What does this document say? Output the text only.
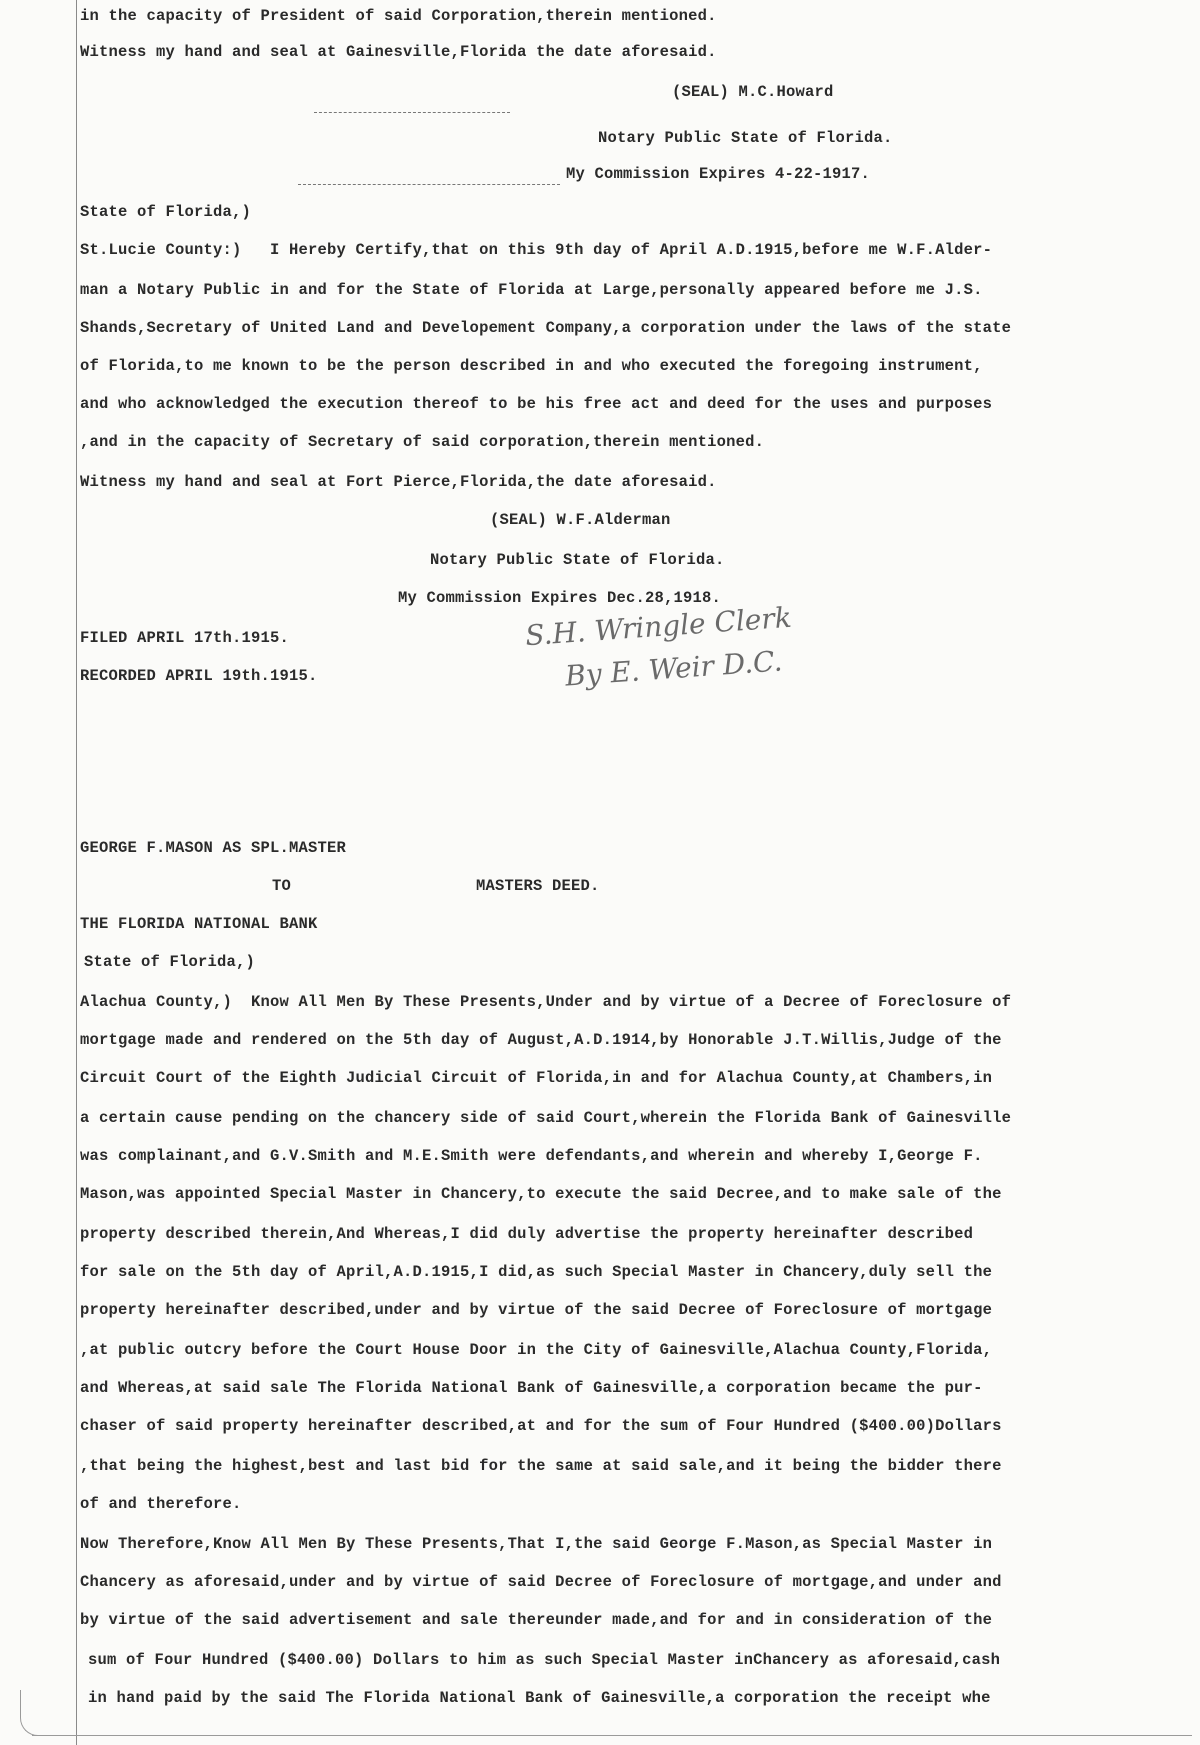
in the capacity of President of said Corporation,therein mentioned.
Witness my hand and seal at Gainesville,Florida the date aforesaid.
(SEAL) M.C.Howard
Notary Public State of Florida.
My Commission Expires 4-22-1917.
State of Florida,)
St.Lucie County:)   I Hereby Certify,that on this 9th day of April A.D.1915,before me W.F.Alder-
man a Notary Public in and for the State of Florida at Large,personally appeared before me J.S.
Shands,Secretary of United Land and Developement Company,a corporation under the laws of the state
of Florida,to me known to be the person described in and who executed the foregoing instrument,
and who acknowledged the execution thereof to be his free act and deed for the uses and purposes
,and in the capacity of Secretary of said corporation,therein mentioned.
Witness my hand and seal at Fort Pierce,Florida,the date aforesaid.
(SEAL) W.F.Alderman
Notary Public State of Florida.
My Commission Expires Dec.28,1918.
FILED APRIL 17th.1915.
RECORDED APRIL 19th.1915.
S.H. Wringle Clerk
By E. Weir D.C.
GEORGE F.MASON AS SPL.MASTER
TO	MASTERS DEED.
THE FLORIDA NATIONAL BANK
State of Florida,)
Alachua County,)  Know All Men By These Presents,Under and by virtue of a Decree of Foreclosure of
mortgage made and rendered on the 5th day of August,A.D.1914,by Honorable J.T.Willis,Judge of the
Circuit Court of the Eighth Judicial Circuit of Florida,in and for Alachua County,at Chambers,in
a certain cause pending on the chancery side of said Court,wherein the Florida Bank of Gainesville
was complainant,and G.V.Smith and M.E.Smith were defendants,and wherein and whereby I,George F.
Mason,was appointed Special Master in Chancery,to execute the said Decree,and to make sale of the
property described therein,And Whereas,I did duly advertise the property hereinafter described
for sale on the 5th day of April,A.D.1915,I did,as such Special Master in Chancery,duly sell the
property hereinafter described,under and by virtue of the said Decree of Foreclosure of mortgage
,at public outcry before the Court House Door in the City of Gainesville,Alachua County,Florida,
and Whereas,at said sale The Florida National Bank of Gainesville,a corporation became the pur-
chaser of said property hereinafter described,at and for the sum of Four Hundred ($400.00)Dollars
,that being the highest,best and last bid for the same at said sale,and it being the bidder there
of and therefore.
Now Therefore,Know All Men By These Presents,That I,the said George F.Mason,as Special Master in
Chancery as aforesaid,under and by virtue of said Decree of Foreclosure of mortgage,and under and
by virtue of the said advertisement and sale thereunder made,and for and in consideration of the
sum of Four Hundred ($400.00) Dollars to him as such Special Master inChancery as aforesaid,cash
in hand paid by the said The Florida National Bank of Gainesville,a corporation the receipt whe
